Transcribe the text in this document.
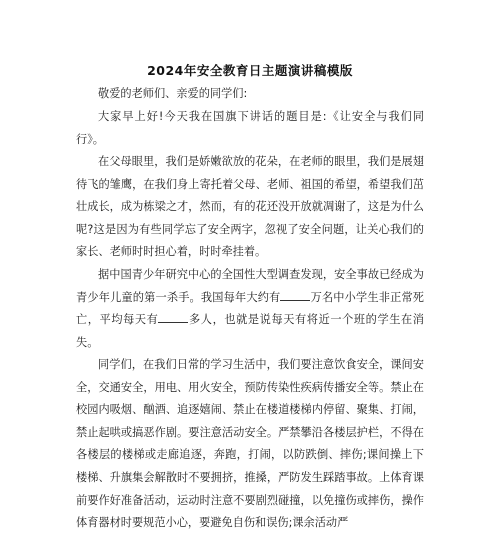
2024年安全教育日主题演讲稿模版

敬爱的老师们、亲爱的同学们:

大家早上好!今天我在国旗下讲话的题目是:《让安全与我们同行》。

在父母眼里，我们是娇嫩欲放的花朵，在老师的眼里，我们是展翅待飞的雏鹰，在我们身上寄托着父母、老师、祖国的希望，希望我们茁壮成长，成为栋梁之才，然而，有的花还没开放就凋谢了，这是为什么呢?这是因为有些同学忘了安全两字，忽视了安全问题，让关心我们的家长、老师时时担心着，时时牵挂着。

据中国青少年研究中心的全国性大型调查发现，安全事故已经成为青少年儿童的第一杀手。我国每年大约有	万名中小学生非正常死亡，平均每天有	多人，也就是说每天有将近一个班的学生在消失。

同学们，在我们日常的学习生活中，我们要注意饮食安全，课间安全，交通安全，用电、用火安全，预防传染性疾病传播安全等。禁止在校园内吸烟、酗酒、追逐嬉闹、禁止在楼道楼梯内停留、聚集、打闹，禁止起哄或搞恶作剧。要注意活动安全。严禁攀沿各楼层护栏，不得在各楼层的楼梯或走廊追逐，奔跑，打闹，以防跌倒、摔伤;课间操上下楼梯、升旗集会解散时不要拥挤，推搡，严防发生踩踏事故。上体育课前要作好准备活动，运动时注意不要剧烈碰撞，以免撞伤或摔伤，操作体育器材时要规范小心，要避免自伤和误伤;课余活动严
